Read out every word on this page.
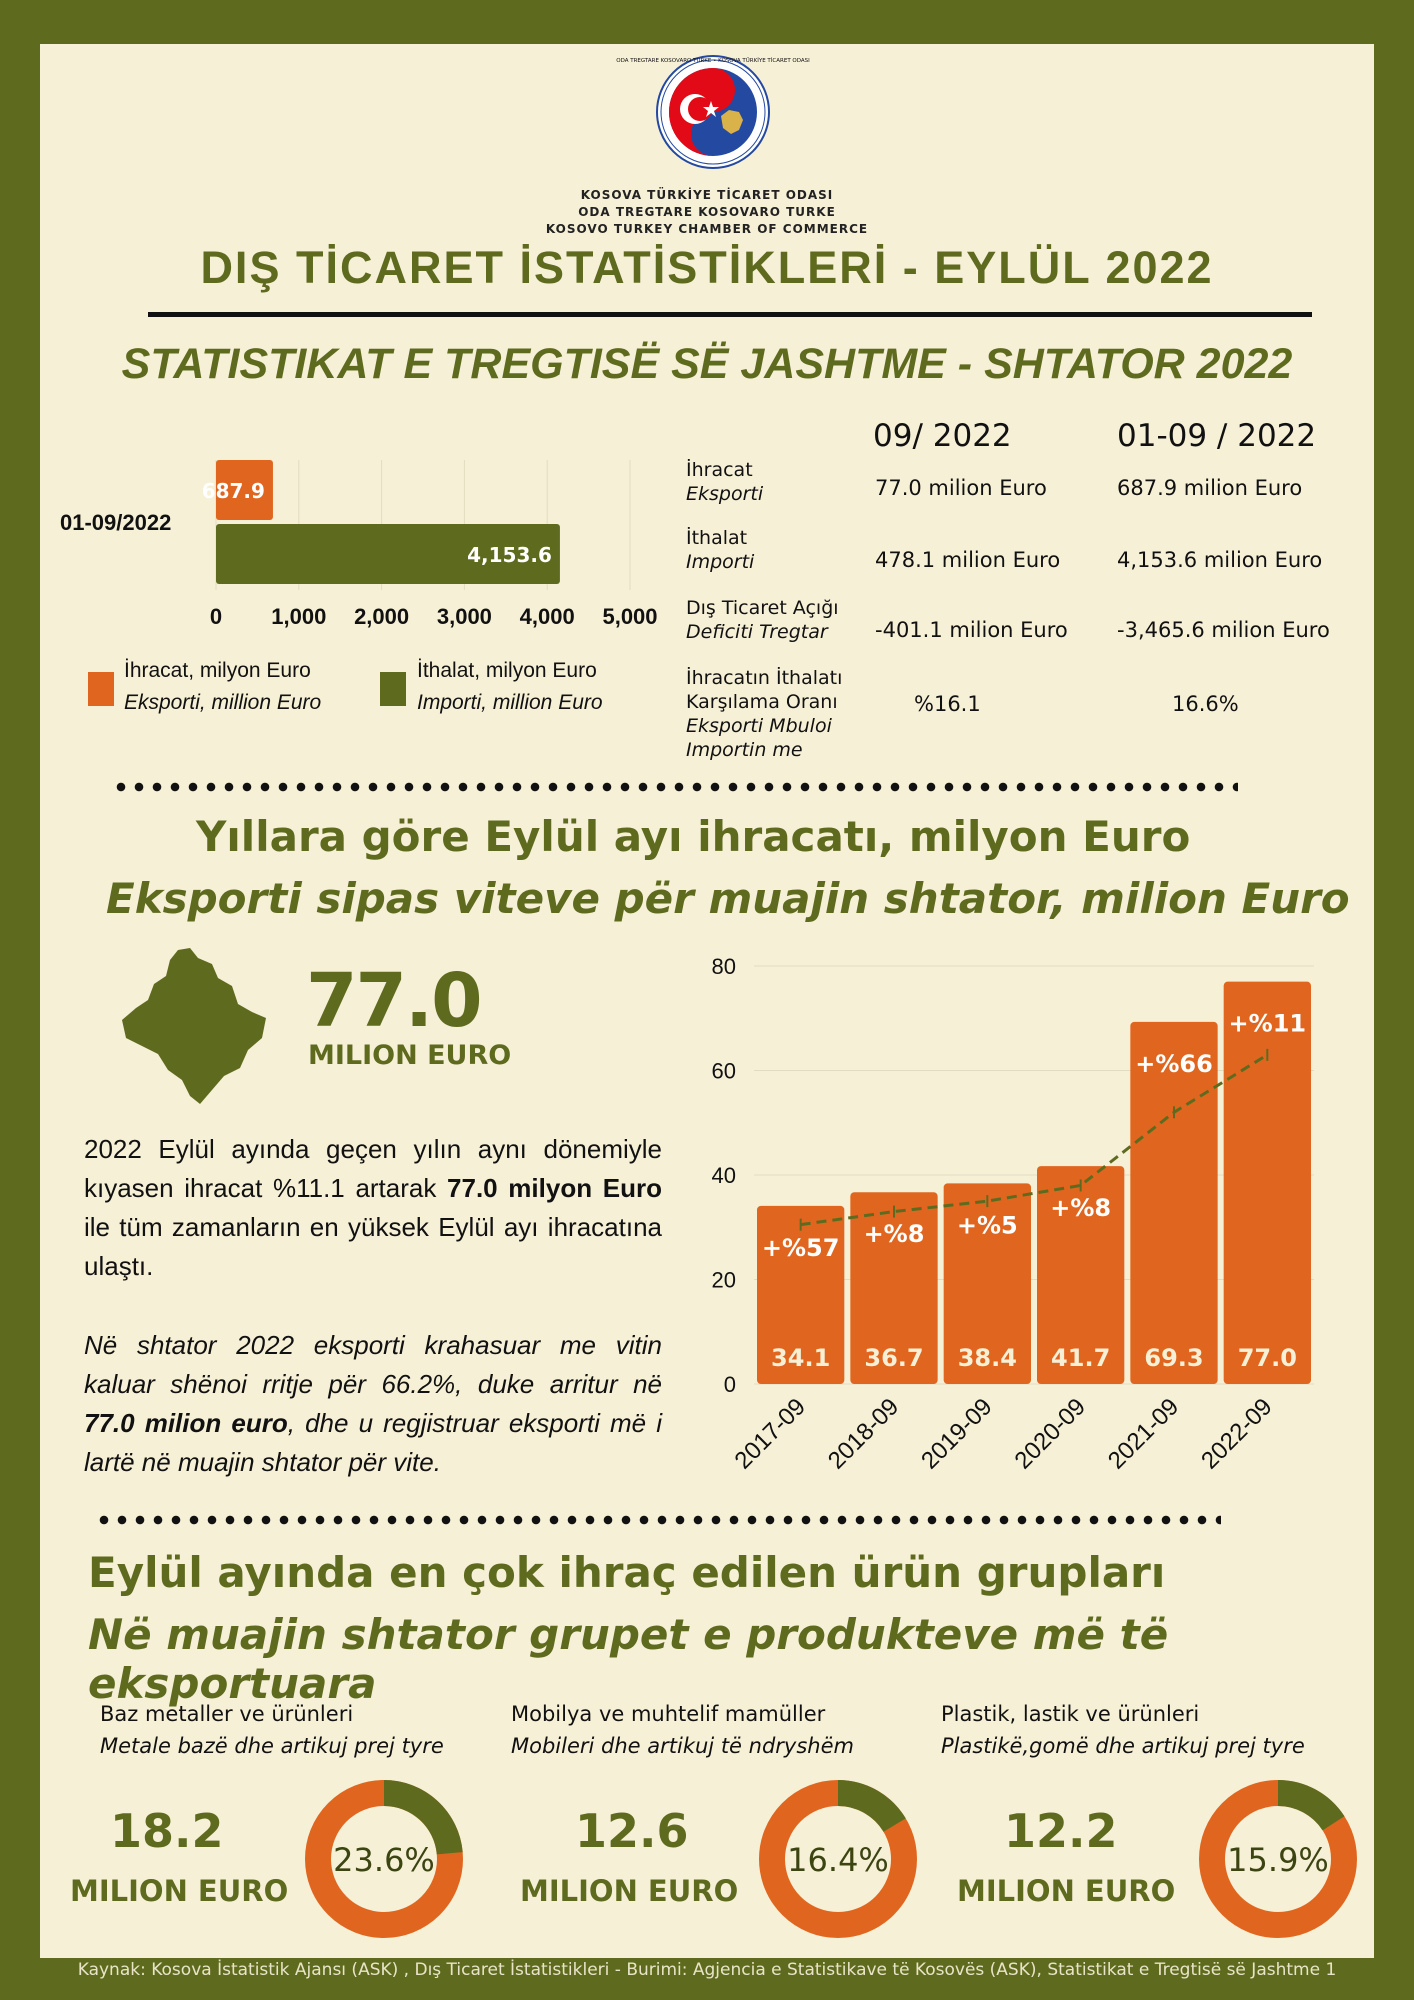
ODA TREGTARE KOSOVARO TURKE • KOSOVA TÜRKİYE TİCARET ODASI
KOSOVA TÜRKİYE TİCARET ODASI
ODA TREGTARE KOSOVARO TURKE
KOSOVO TURKEY CHAMBER OF COMMERCE
DIŞ TİCARET İSTATİSTİKLERİ - EYLÜL 2022
STATISTIKAT E TREGTISË SË JASHTME - SHTATOR 2022
01-09/2022
687.9
4,153.6
0 1,000 2,000 3,000 4,000 5,000
İhracat, milyon Euro
Eksporti, million Euro
İthalat, milyon Euro
Importi, million Euro
09/ 2022	01-09 / 2022
İhracat
Eksporti	77.0 milion Euro	687.9 milion Euro
İthalat
Importi	478.1 milion Euro	4,153.6 milion Euro
Dış Ticaret Açığı
Deficiti Tregtar	-401.1 milion Euro -3,465.6 milion Euro
İhracatın İthalatı
Karşılama Oranı
Eksporti Mbuloi
Importin me
%16.1	16.6%
Yıllara göre Eylül ayı ihracatı, milyon Euro
Eksporti sipas viteve për muajin shtator, milion Euro
77.0
MILION EURO
2022 Eylül ayında geçen yılın aynı dönemiyle kıyasen ihracat %11.1 artarak 77.0 milyon Euro ile tüm zamanların en yüksek Eylül ayı ihracatına ulaştı.
Në shtator 2022 eksporti krahasuar me vitin kaluar shënoi rritje për 66.2%, duke arritur në 77.0 milion euro, dhe u regjistruar eksporti më i lartë në muajin shtator për vite.
0
20
40
60
80
34.1
+%57
2017-09
36.7
+%8
2018-09
38.4
+%5
2019-09
41.7
+%8
2020-09
69.3
+%66
2021-09
77.0
+%11
2022-09
Eylül ayında en çok ihraç edilen ürün grupları
Në muajin shtator grupet e produkteve më të eksportuara
Baz metaller ve ürünleri
Metale bazë dhe artikuj prej tyre
18.2
MILION EURO
23.6%
Mobilya ve muhtelif mamüller
Mobileri dhe artikuj të ndryshëm
12.6
MILION EURO
16.4%
Plastik, lastik ve ürünleri
Plastikë,gomë dhe artikuj prej tyre
12.2
MILION EURO
15.9%
Kaynak: Kosova İstatistik Ajansı (ASK) , Dış Ticaret İstatistikleri - Burimi: Agjencia e Statistikave të Kosovës (ASK), Statistikat e Tregtisë së Jashtme 1
